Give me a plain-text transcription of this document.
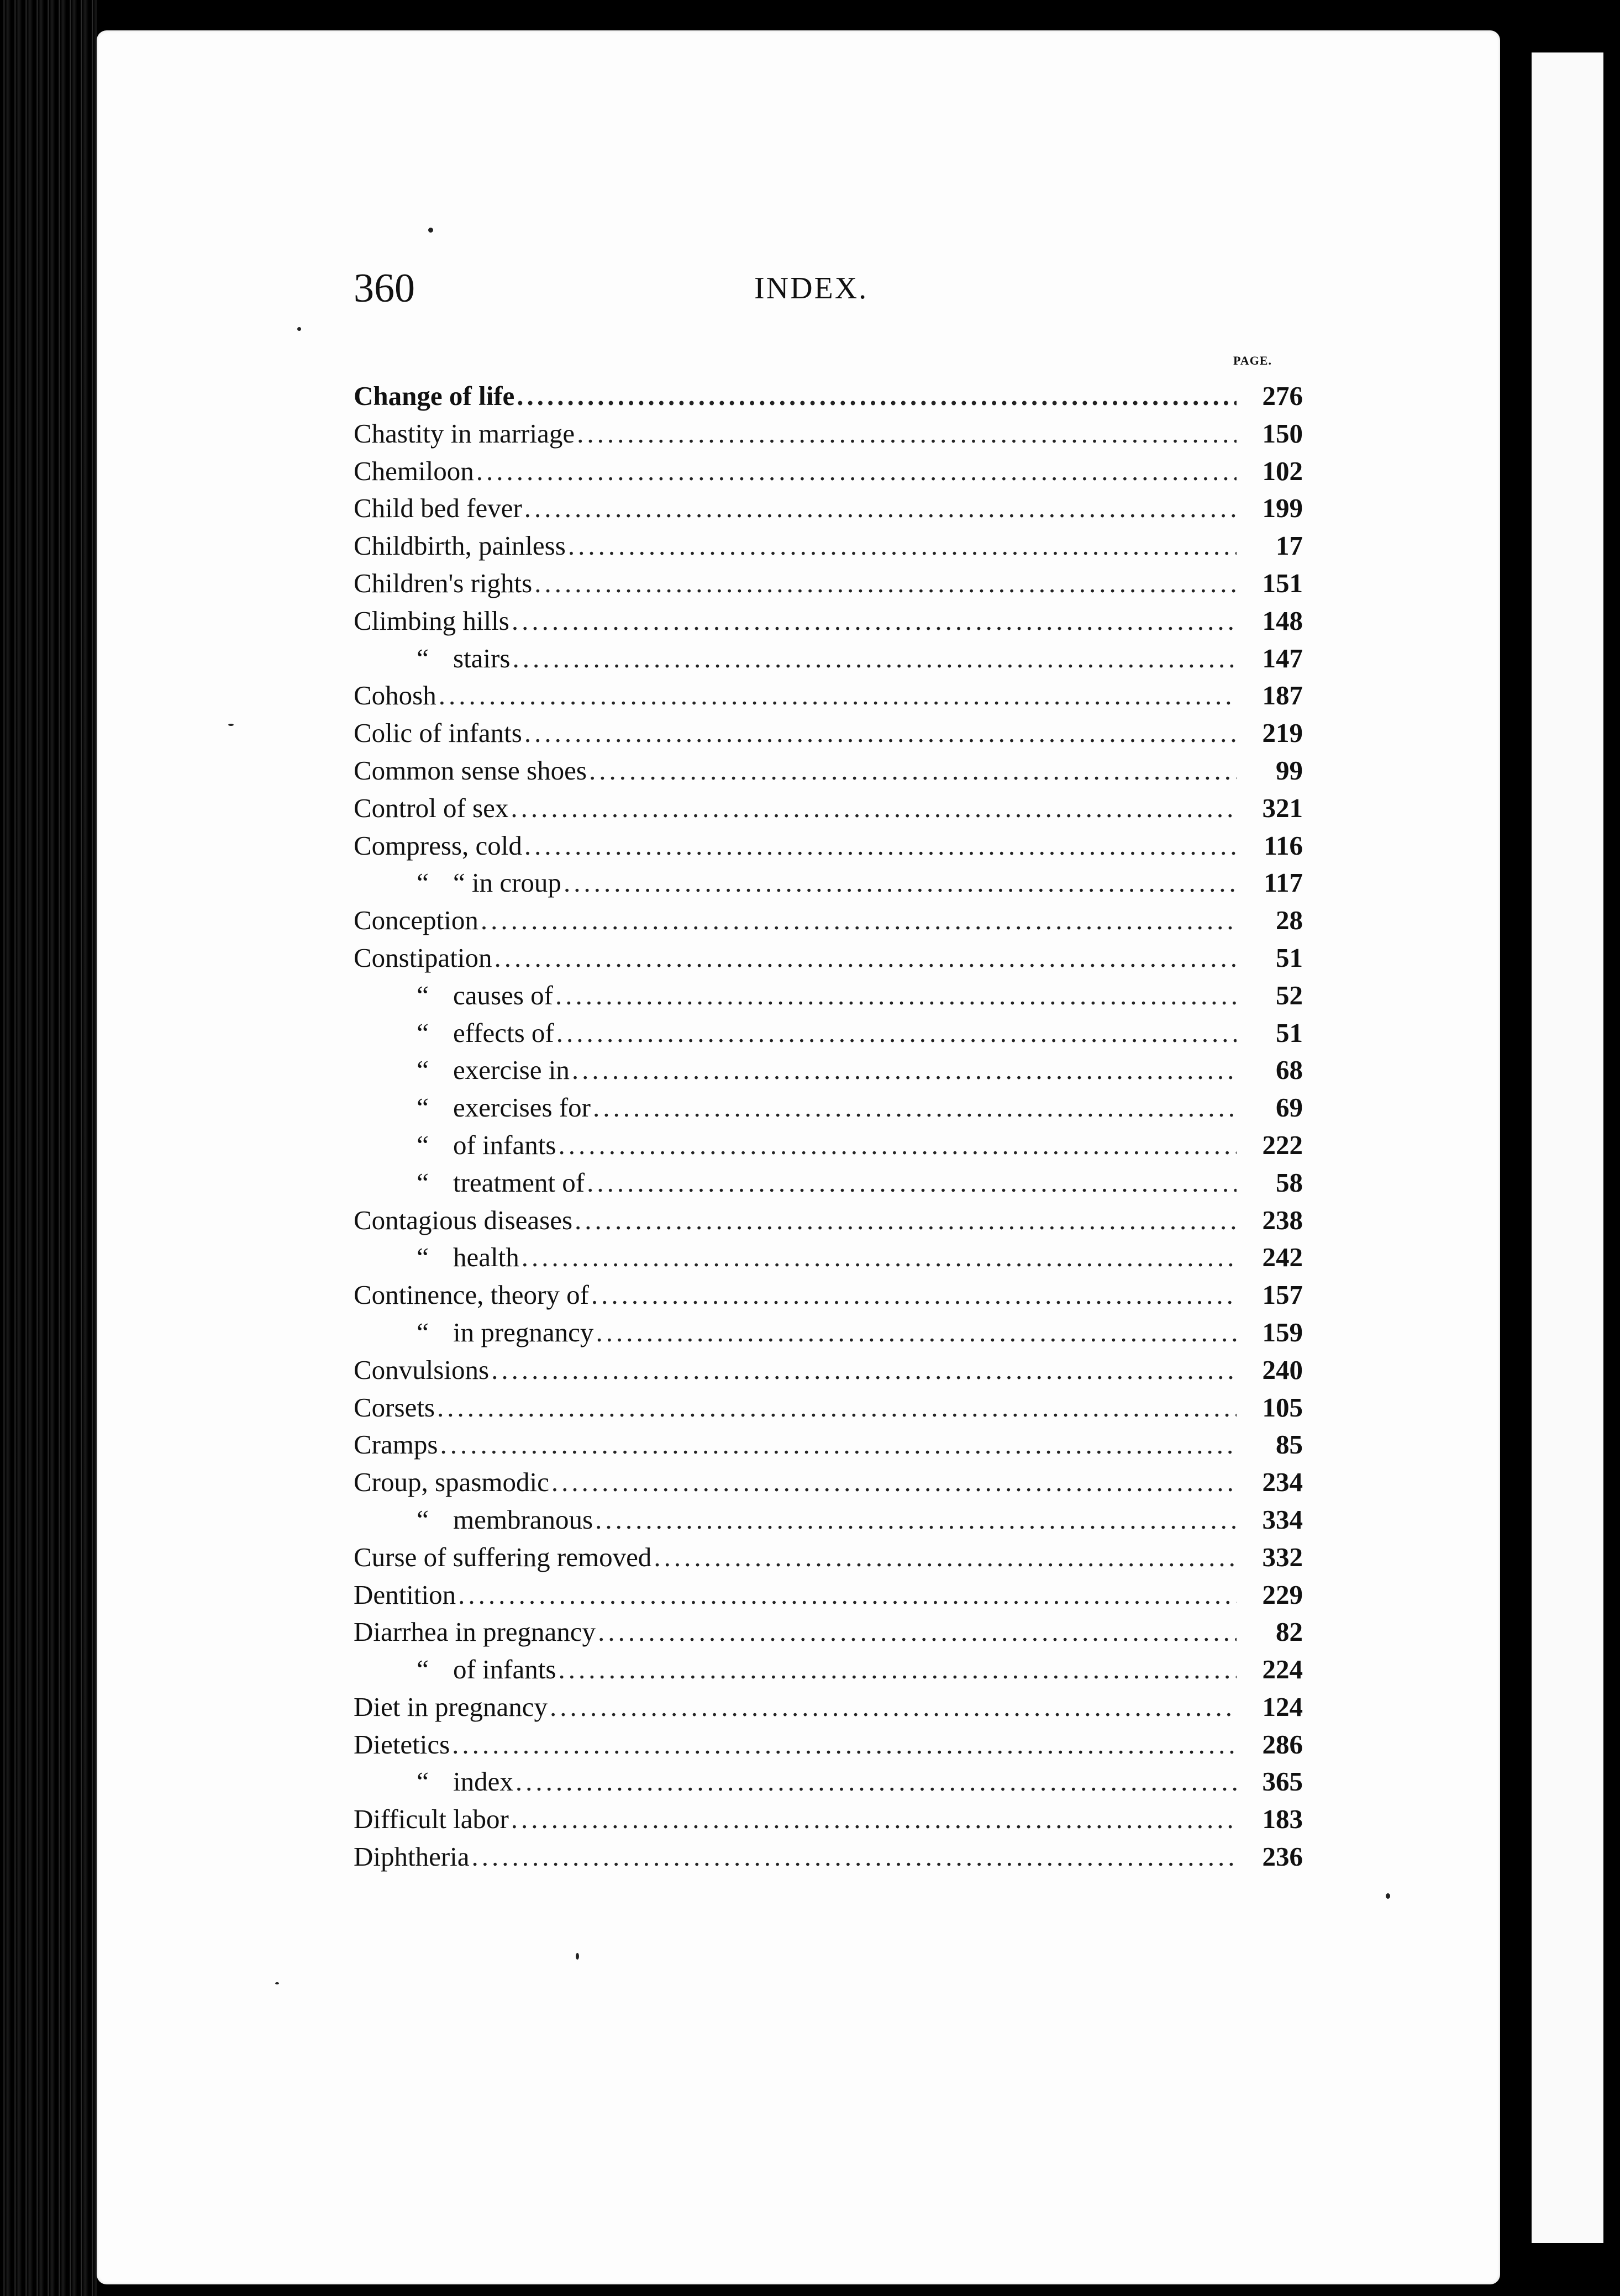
360	INDEX.
PAGE.
Change of life .....	276
Chastity in marriage .....	150
Chemiloon .....	102
Child bed fever .....	199
Childbirth, painless .....	17
Children's rights .....	151
Climbing hills .....	148
“ stairs .....	147
Cohosh .....	187
Colic of infants .....	219
Common sense shoes .....	99
Control of sex .....	321
Compress, cold .....	116
“ “ in croup .....	117
Conception .....	28
Constipation .....	51
“ causes of .....	52
“ effects of .....	51
“ exercise in .....	68
“ exercises for .....	69
“ of infants .....	222
“ treatment of .....	58
Contagious diseases .....	238
“ health .....	242
Continence, theory of .....	157
“ in pregnancy .....	159
Convulsions .....	240
Corsets .....	105
Cramps .....	85
Croup, spasmodic .....	234
“ membranous .....	334
Curse of suffering removed .....	332
Dentition .....	229
Diarrhea in pregnancy .....	82
“ of infants .....	224
Diet in pregnancy .....	124
Dietetics .....	286
“ index .....	365
Difficult labor .....	183
Diphtheria .....	236
